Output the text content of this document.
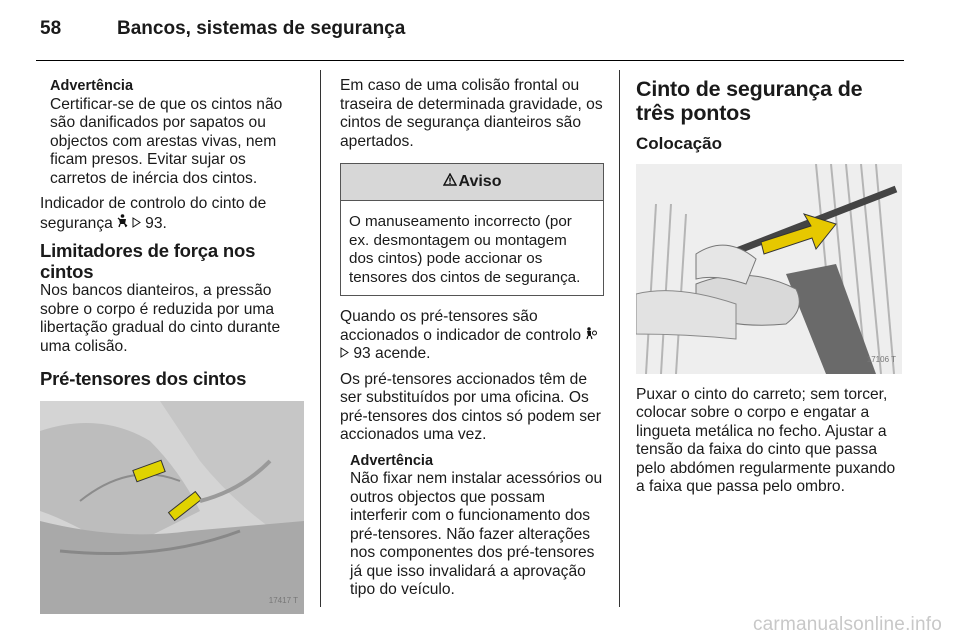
58	Bancos, sistemas de segurança
Advertência

Certificar-se de que os cintos não são danificados por sapatos ou objectos com arestas vivas, nem ficam presos. Evitar sujar os carretos de inércia dos cintos.

Indicador de controlo do cinto de segurança 93.

Limitadores de força nos cintos

Nos bancos dianteiros, a pressão sobre o corpo é reduzida por uma libertação gradual do cinto durante uma colisão.

Pré-tensores dos cintos
17417 T

Em caso de uma colisão frontal ou traseira de determinada gravidade, os cintos de segurança dianteiros são apertados.

Aviso
O manuseamento incorrecto (por ex. desmontagem ou montagem dos cintos) pode accionar os tensores dos cintos de segurança.

Quando os pré-tensores são accionados o indicador de controlo
93 acende.

Os pré-tensores accionados têm de ser substituídos por uma oficina. Os pré-tensores dos cintos só podem ser accionados uma vez.

Advertência

Não fixar nem instalar acessórios ou outros objectos que possam interferir com o funcionamento dos pré-tensores. Não fazer alterações nos componentes dos pré-tensores já que isso invalidará a aprovação tipo do veículo.

Cinto de segurança de três pontos
Colocação
17106 T

Puxar o cinto do carreto; sem torcer, colocar sobre o corpo e engatar a lingueta metálica no fecho. Ajustar a tensão da faixa do cinto que passa pelo abdómen regularmente puxando a faixa que passa pelo ombro.

carmanualsonline.info
